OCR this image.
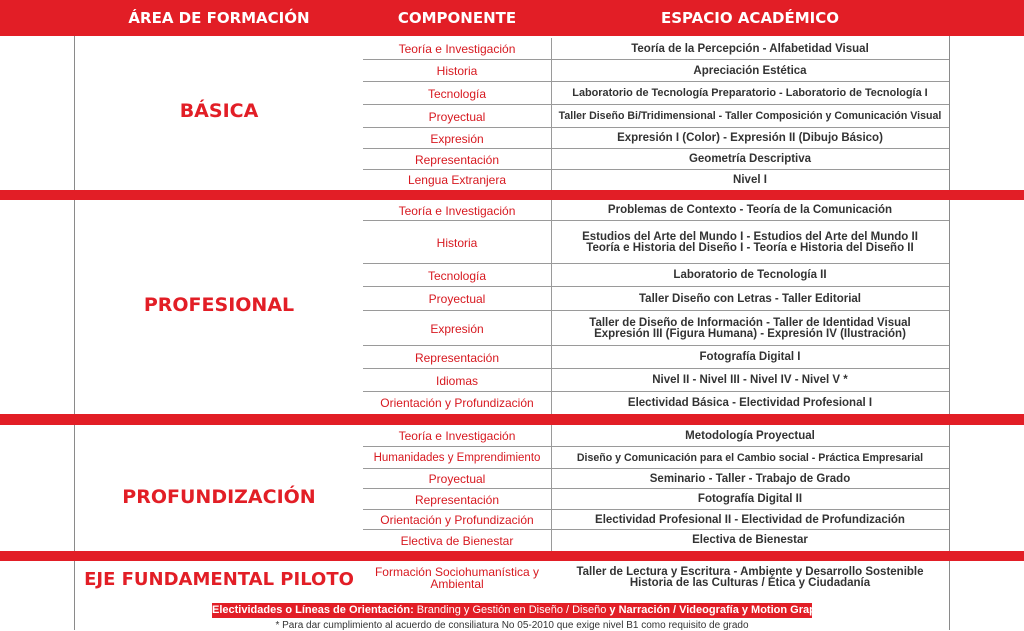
ÁREA DE FORMACIÓN	COMPONENTE	ESPACIO ACADÉMICO
BÁSICA
Teoría e Investigación	Teoría de la Percepción - Alfabetidad Visual
Historia	Apreciación Estética
Tecnología	Laboratorio de Tecnología Preparatorio - Laboratorio de Tecnología I
Proyectual	Taller Diseño Bi/Tridimensional - Taller Composición y Comunicación Visual
Expresión	Expresión I (Color) - Expresión II (Dibujo Básico)
Representación	Geometría Descriptiva
Lengua Extranjera	Nivel I
PROFESIONAL
Teoría e Investigación	Problemas de Contexto - Teoría de la Comunicación
Historia	Estudios del Arte del Mundo I - Estudios del Arte del Mundo II
Teoría e Historia del Diseño I - Teoría e Historia del Diseño II
Tecnología	Laboratorio de Tecnología II
Proyectual	Taller Diseño con Letras - Taller Editorial
Expresión	Taller de Diseño de Información - Taller de Identidad Visual
Expresión III (Figura Humana) - Expresión IV (Ilustración)
Representación	Fotografía Digital I
Idiomas	Nivel II - Nivel III - Nivel IV - Nivel V *
Orientación y Profundización	Electividad Básica - Electividad Profesional I
PROFUNDIZACIÓN
Teoría e Investigación	Metodología Proyectual
Humanidades y Emprendimiento	Diseño y Comunicación para el Cambio social - Práctica Empresarial
Proyectual	Seminario - Taller - Trabajo de Grado
Representación	Fotografía Digital II
Orientación y Profundización	Electividad Profesional II - Electividad de Profundización
Electiva de Bienestar	Electiva de Bienestar
EJE FUNDAMENTAL PILOTO	Formación Sociohumanística y
Ambiental
Taller de Lectura y Escritura - Ambiente y Desarrollo Sostenible
Historia de las Culturas / Ética y Ciudadanía
Electividades o Líneas de Orientación: Branding y Gestión en Diseño / Diseño y Narración / Videografía y Motion Graphics
* Para dar cumplimiento al acuerdo de consiliatura No 05-2010 que exige nivel B1 como requisito de grado
